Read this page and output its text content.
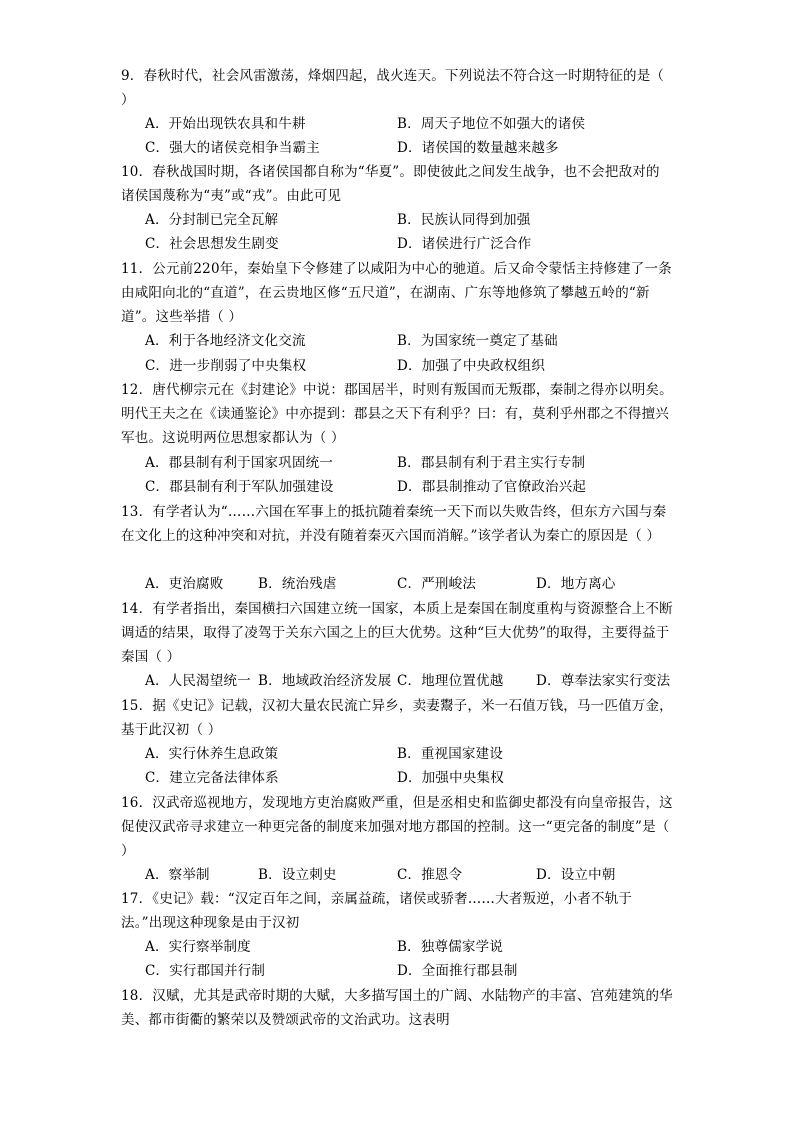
9．春秋时代，社会风雷激荡，烽烟四起，战火连天。下列说法不符合这一时期特征的是（ ）
A．开始出现铁农具和牛耕	B．周天子地位不如强大的诸侯
C．强大的诸侯竞相争当霸主	D．诸侯国的数量越来越多
10．春秋战国时期，各诸侯国都自称为“华夏”。即使彼此之间发生战争，也不会把敌对的诸侯国蔑称为“夷”或“戎”。由此可见
A．分封制已完全瓦解	B．民族认同得到加强
C．社会思想发生剧变	D．诸侯进行广泛合作
11．公元前220年，秦始皇下令修建了以咸阳为中心的驰道。后又命令蒙恬主持修建了一条由咸阳向北的“直道”，在云贵地区修“五尺道”，在湖南、广东等地修筑了攀越五岭的“新道”。这些举措（ ）
A．利于各地经济文化交流	B．为国家统一奠定了基础
C．进一步削弱了中央集权	D．加强了中央政权组织
12．唐代柳宗元在《封建论》中说：郡国居半，时则有叛国而无叛郡，秦制之得亦以明矣。明代王夫之在《读通鉴论》中亦提到：郡县之天下有利乎？曰：有，莫利乎州郡之不得擅兴军也。这说明两位思想家都认为（ ）
A．郡县制有利于国家巩固统一	B．郡县制有利于君主实行专制
C．郡县制有利于军队加强建设	D．郡县制推动了官僚政治兴起
13．有学者认为“……六国在军事上的抵抗随着秦统一天下而以失败告终，但东方六国与秦在文化上的这种冲突和对抗，并没有随着秦灭六国而消解。”该学者认为秦亡的原因是（ ）
A．吏治腐败	B．统治残虐	C．严刑峻法	D．地方离心
14．有学者指出，秦国横扫六国建立统一国家，本质上是秦国在制度重构与资源整合上不断调适的结果，取得了凌驾于关东六国之上的巨大优势。这种“巨大优势”的取得，主要得益于秦国（ ）
A．人民渴望统一 B．地域政治经济发展 C．地理位置优越 D．尊奉法家实行变法
15．据《史记》记载，汉初大量农民流亡异乡，卖妻鬻子，米一石值万钱，马一匹值万金，基于此汉初（ ）
A．实行休养生息政策	B．重视国家建设
C．建立完备法律体系	D．加强中央集权
16．汉武帝巡视地方，发现地方吏治腐败严重，但是丞相史和监御史都没有向皇帝报告，这促使汉武帝寻求建立一种更完备的制度来加强对地方郡国的控制。这一“更完备的制度”是（ ）
A．察举制	B．设立刺史	C．推恩令	D．设立中朝
17．《史记》载：“汉定百年之间，亲属益疏，诸侯或骄奢……大者叛逆，小者不轨于法。”出现这种现象是由于汉初
A．实行察举制度	B．独尊儒家学说
C．实行郡国并行制	D．全面推行郡县制
18．汉赋，尤其是武帝时期的大赋，大多描写国土的广阔、水陆物产的丰富、宫苑建筑的华美、都市街衢的繁荣以及赞颂武帝的文治武功。这表明
